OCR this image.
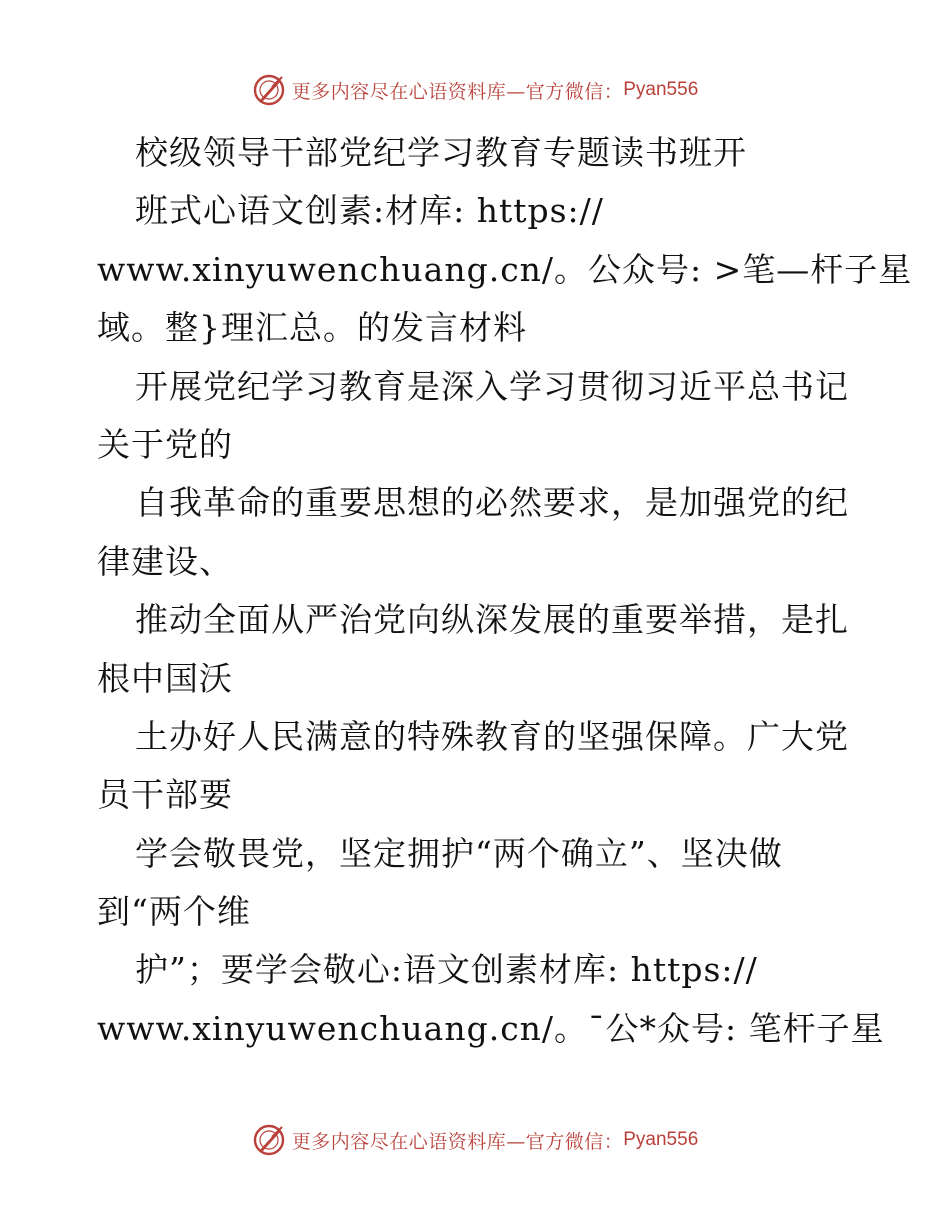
更多内容尽在心语资料库—官方微信： Pyan556
校级领导干部党纪学习教育专题读书班开
班式心语文创素:材库: https://
www.xinyuwenchuang.cn/。公众号: >笔—杆子星
域。整}理汇总。的发言材料
开展党纪学习教育是深入学习贯彻习近平总书记
关于党的
自我革命的重要思想的必然要求，是加强党的纪
律建设、
推动全面从严治党向纵深发展的重要举措，是扎
根中国沃
土办好人民满意的特殊教育的坚强保障。广大党
员干部要
学会敬畏党，坚定拥护“两个确立”、坚决做
到“两个维
护”；要学会敬心:语文创素材库: https://
www.xinyuwenchuang.cn/。¯公*众号: 笔杆子星
更多内容尽在心语资料库—官方微信： Pyan556
